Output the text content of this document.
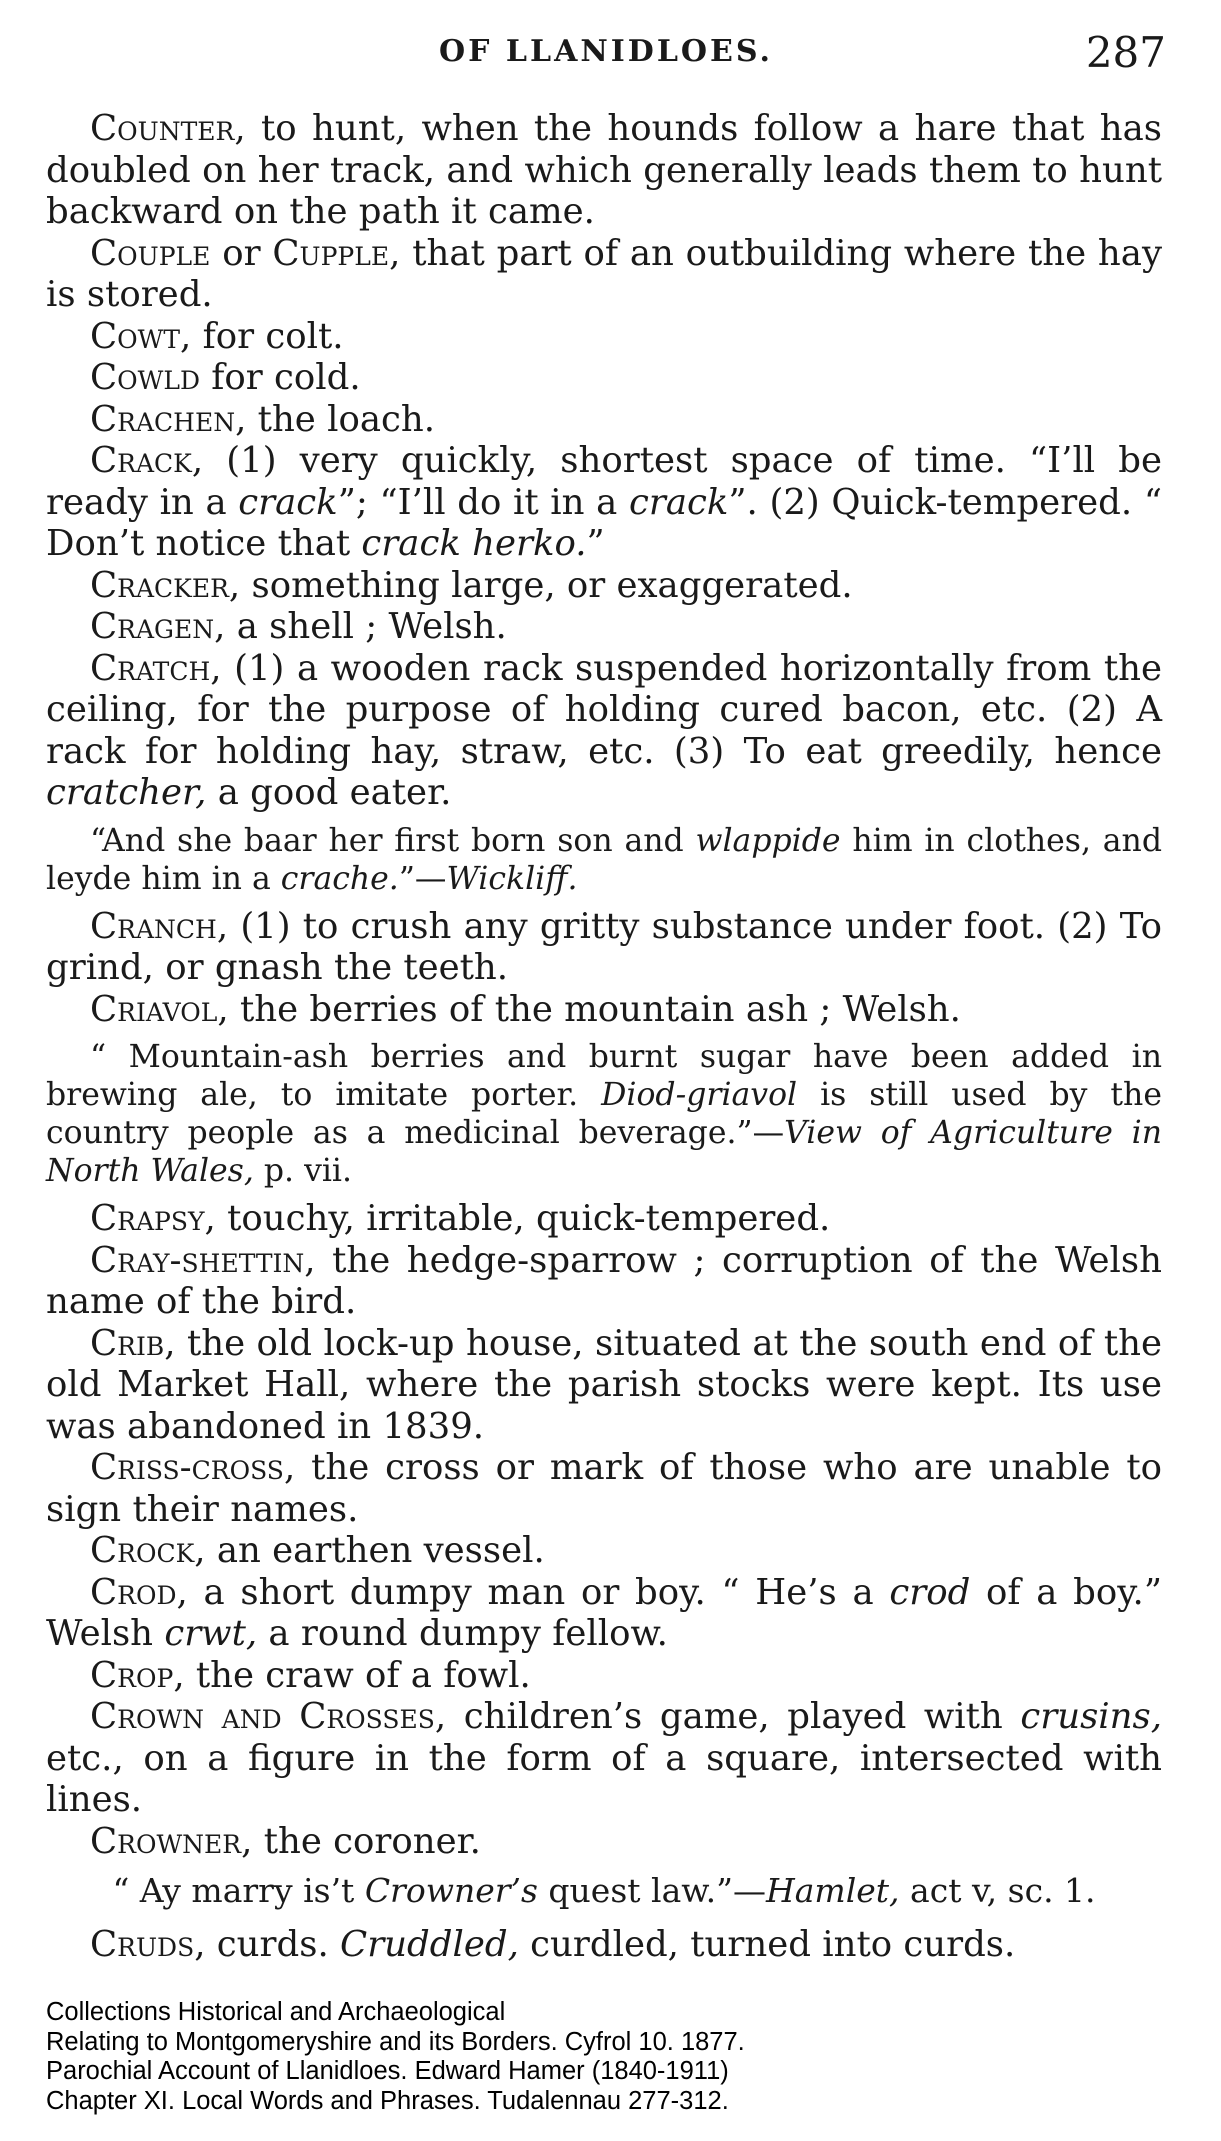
OF LLANIDLOES.	287

Counter, to hunt, when the hounds follow a hare that has doubled on her track, and which generally leads them to hunt backward on the path it came.

Couple or Cupple, that part of an outbuilding where the hay is stored.

Cowt, for colt.

Cowld for cold.

Crachen, the loach.

Crack, (1) very quickly, shortest space of time. “I’ll be ready in a crack”; “I’ll do it in a crack”. (2) Quick-tempered. “ Don’t notice that crack herko.”

Cracker, something large, or exaggerated.

Cragen, a shell ; Welsh.

Cratch, (1) a wooden rack suspended horizontally from the ceiling, for the purpose of holding cured bacon, etc. (2) A rack for holding hay, straw, etc. (3) To eat greedily, hence cratcher, a good eater.

“And she baar her first born son and wlappide him in clothes, and leyde him in a crache.”—Wickliff.

Cranch, (1) to crush any gritty substance under foot. (2) To grind, or gnash the teeth.

Criavol, the berries of the mountain ash ; Welsh.

“ Mountain-ash berries and burnt sugar have been added in brewing ale, to imitate porter. Diod-griavol is still used by the country people as a medicinal beverage.”—View of Agriculture in North Wales, p. vii.

Crapsy, touchy, irritable, quick-tempered.

Cray-shettin, the hedge-sparrow ; corruption of the Welsh name of the bird.

Crib, the old lock-up house, situated at the south end of the old Market Hall, where the parish stocks were kept. Its use was abandoned in 1839.

Criss-cross, the cross or mark of those who are unable to sign their names.

Crock, an earthen vessel.

Crod, a short dumpy man or boy. “ He’s a crod of a boy.” Welsh crwt, a round dumpy fellow.

Crop, the craw of a fowl.

Crown and Crosses, children’s game, played with crusins, etc., on a figure in the form of a square, intersected with lines.

Crowner, the coroner.

“ Ay marry is’t Crowner’s quest law.”—Hamlet, act v, sc. 1.

Cruds, curds. Cruddled, curdled, turned into curds.

Collections Historical and Archaeological
Relating to Montgomeryshire and its Borders. Cyfrol 10. 1877.
Parochial Account of Llanidloes. Edward Hamer (1840-1911)
Chapter XI. Local Words and Phrases. Tudalennau 277-312.
